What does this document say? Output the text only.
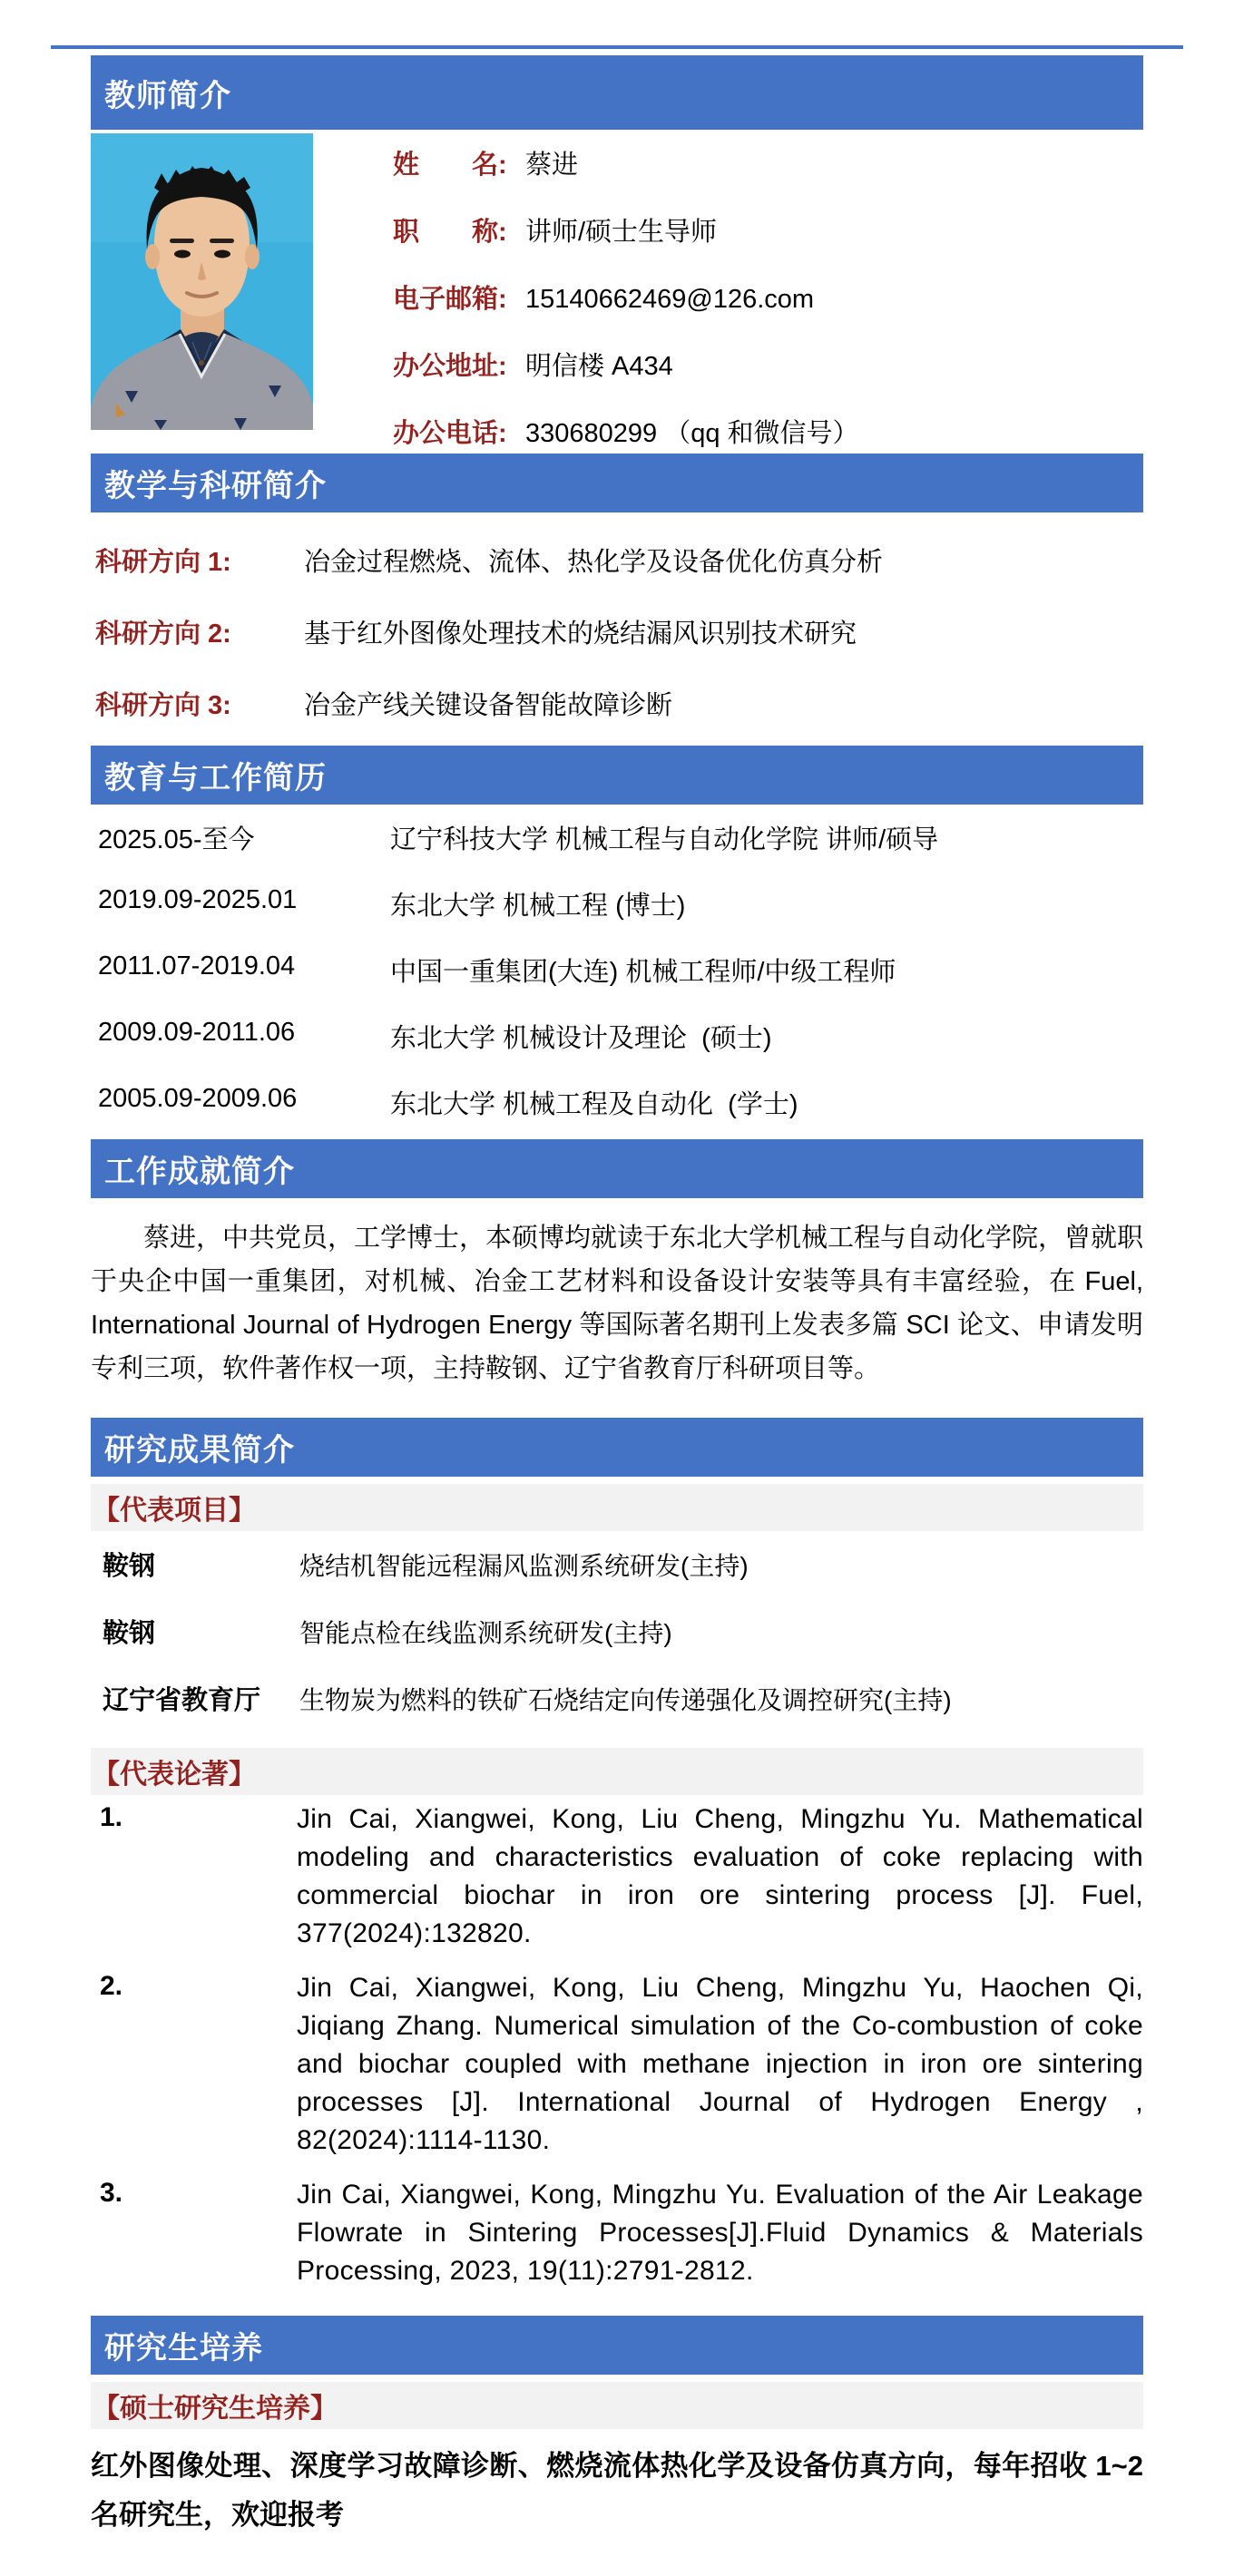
教师简介
姓　　名: 蔡进
职　　称: 讲师/硕士生导师
电子邮箱: 15140662469@126.com
办公地址: 明信楼 A434
办公电话: 330680299 （qq 和微信号）
教学与科研简介
科研方向 1:	冶金过程燃烧、流体、热化学及设备优化仿真分析
科研方向 2:	基于红外图像处理技术的烧结漏风识别技术研究
科研方向 3:	冶金产线关键设备智能故障诊断
教育与工作简历
2025.05-至今	辽宁科技大学 机械工程与自动化学院 讲师/硕导
2019.09-2025.01	东北大学 机械工程 (博士)
2011.07-2019.04	中国一重集团(大连) 机械工程师/中级工程师
2009.09-2011.06	东北大学 机械设计及理论  (硕士)
2005.09-2009.06	东北大学 机械工程及自动化  (学士)
工作成就简介

蔡进，中共党员，工学博士，本硕博均就读于东北大学机械工程与自动化学院，曾就职于央企中国一重集团，对机械、冶金工艺材料和设备设计安装等具有丰富经验，在 Fuel, International Journal of Hydrogen Energy 等国际著名期刊上发表多篇 SCI 论文、申请发明专利三项，软件著作权一项，主持鞍钢、辽宁省教育厅科研项目等。

研究成果简介
【代表项目】
鞍钢	烧结机智能远程漏风监测系统研发(主持)
鞍钢	智能点检在线监测系统研发(主持)
辽宁省教育厅	生物炭为燃料的铁矿石烧结定向传递强化及调控研究(主持)
【代表论著】
1.	Jin Cai, Xiangwei, Kong, Liu Cheng, Mingzhu Yu. Mathematical modeling and characteristics evaluation of coke replacing with commercial biochar in iron ore sintering process [J]. Fuel, 377(2024):132820.
2.	Jin Cai, Xiangwei, Kong, Liu Cheng, Mingzhu Yu, Haochen Qi, Jiqiang Zhang. Numerical simulation of the Co-combustion of coke and biochar coupled with methane injection in iron ore sintering processes [J]. International Journal of Hydrogen Energy , 82(2024):1114-1130.
3.	Jin Cai, Xiangwei, Kong, Mingzhu Yu. Evaluation of the Air Leakage Flowrate in Sintering Processes[J].Fluid Dynamics & Materials Processing, 2023, 19(11):2791-2812.
研究生培养
【硕士研究生培养】

红外图像处理、深度学习故障诊断、燃烧流体热化学及设备仿真方向，每年招收 1~2 名研究生，欢迎报考
